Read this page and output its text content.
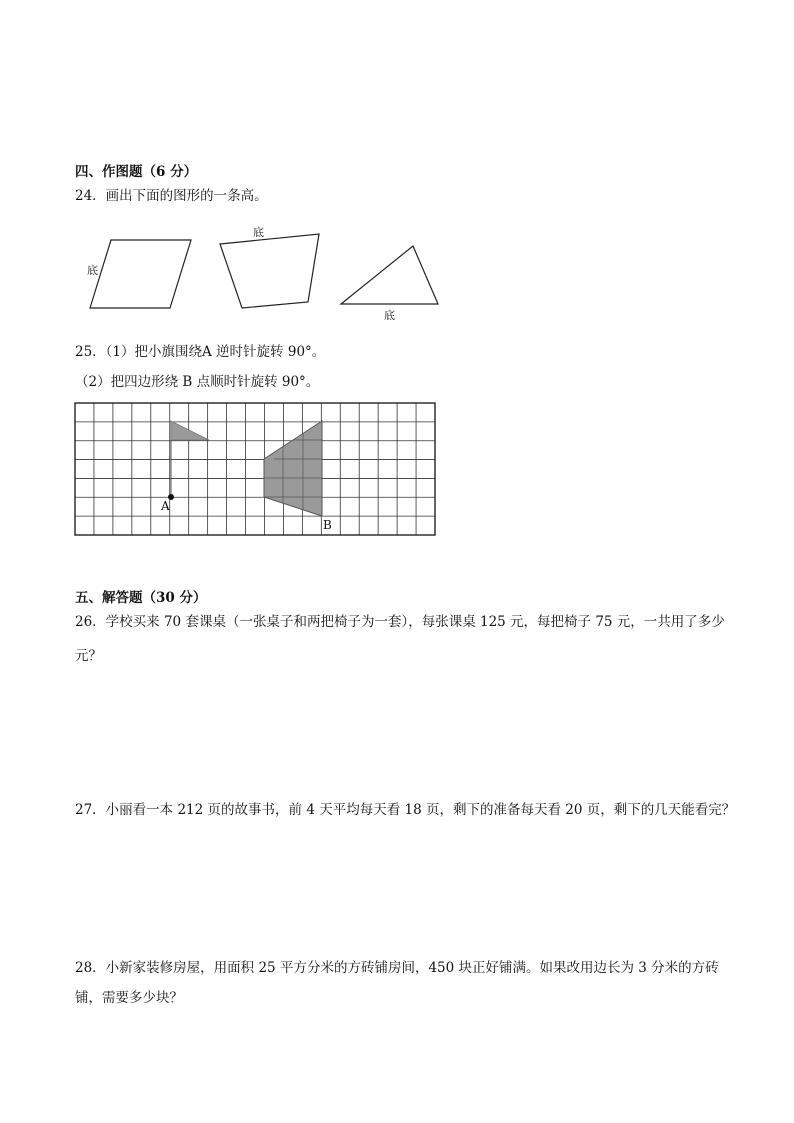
四、作图题（6 分）
24．画出下面的图形的一条高。
底
底
底
25．（1）把小旗围绕A 逆时针旋转 90°。
（2）把四边形绕 B 点顺时针旋转 90°。
A
B
五、解答题（30 分）
26．学校买来 70 套课桌（一张桌子和两把椅子为一套），每张课桌 125 元，每把椅子 75 元，一共用了多少
元？
27．小丽看一本 212 页的故事书，前 4 天平均每天看 18 页，剩下的准备每天看 20 页，剩下的几天能看完？
28．小新家装修房屋，用面积 25 平方分米的方砖铺房间，450 块正好铺满。如果改用边长为 3 分米的方砖
铺，需要多少块？
